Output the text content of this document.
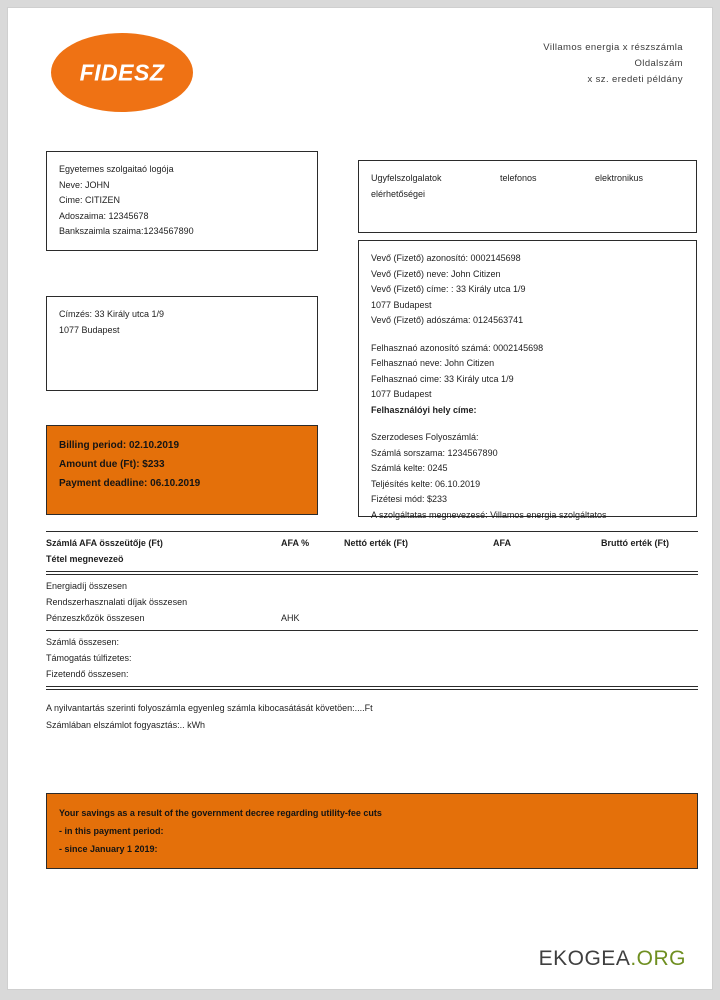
FIDESZ
Villamos energia x részszámla
Oldalszám
x sz. eredeti példány
Egyetemes szolgaitaó logója
Neve: JOHN
Cime: CITIZEN
Adoszaima: 12345678
Bankszaimla szaima:1234567890
Címzés: 33 Király utca 1/9
1077 Budapest
Ugyfelszolgalatok	telefonos	elektronikus
elérhetőségei
Vevő (Fizető) azonosító: 0002145698
Vevő (Fizető) neve: John Citizen
Vevő (Fizető) címe: : 33 Király utca 1/9
1077 Budapest
Vevő (Fizető) adószáma: 0124563741
Felhasznaó azonosító számá: 0002145698
Felhasznaó neve: John Citizen
Felhasznaó cime: 33 Király utca 1/9
1077 Budapest
Felhasználóyi hely címe:
Szerzodeses Folyoszámlá:
Számlá sorszama: 1234567890
Számlá kelte: 0245
Teljésítés kelte: 06.10.2019
Fizétesi mód: $233
A szolgáltatas megnevezesé: Villamos energia szolgáltatos
Billing period: 02.10.2019
Amount due (Ft): $233
Payment deadline: 06.10.2019
Számlá AFA összeütője (Ft)	AFA %	Nettó erték (Ft)	AFA	Bruttó erték (Ft)
Tétel megnevezeö
Energiadíj összesen
Rendszerhasznalati díjak összesen
Pénzeszkőzök összesen	AHK
Számlá összesen:
Támogatás túlfizetes:
Fizetendő összesen:
A nyilvantartás szerinti folyoszámla egyenleg számla kibocasátását követöen:....Ft
Számlában elszámlot fogyasztás:.. kWh
Your savings as a result of the government decree regarding utility-fee cuts
- in this payment period:
- since January 1 2019:
EKOGEA.ORG
